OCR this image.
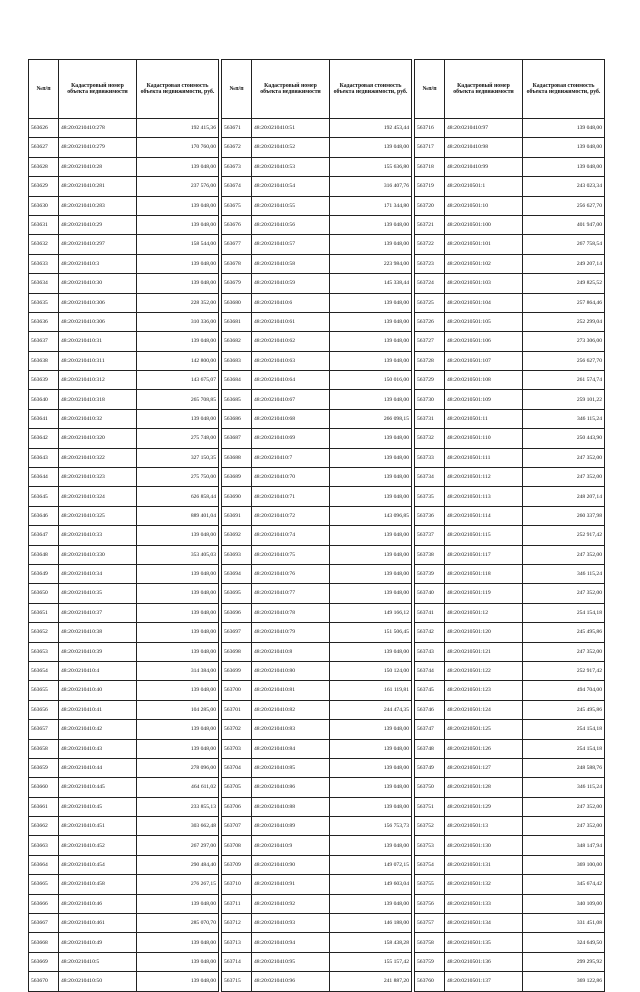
№п/п	Кадастровый номер объекта недвижимости	Кадастровая стоимость объекта недвижимости, руб.
563626	48:20:0210410:278	192 415,36
563627	48:20:0210410:279	170 760,00
563628	48:20:0210410:28	139 048,00
563629	48:20:0210410:281	237 576,00
563630	48:20:0210410:283	139 048,00
563631	48:20:0210410:29	139 048,00
563632	48:20:0210410:297	158 544,00
563633	48:20:0210410:3	139 048,00
563634	48:20:0210410:30	139 048,00
563635	48:20:0210410:306	228 352,00
563636	48:20:0210410:306	310 336,00
563637	48:20:0210410:31	139 048,00
563638	48:20:0210410:311	142 800,00
563639	48:20:0210410:312	143 675,07
563640	48:20:0210410:318	265 708,85
563641	48:20:0210410:32	139 048,00
563642	48:20:0210410:320	275 748,00
563643	48:20:0210410:322	327 150,35
563644	48:20:0210410:323	275 750,00
563645	48:20:0210410:324	626 858,44
563646	48:20:0210410:325	889 401,04
563647	48:20:0210410:33	139 048,00
563648	48:20:0210410:330	353 405,03
563649	48:20:0210410:34	139 048,00
563650	48:20:0210410:35	139 048,00
563651	48:20:0210410:37	139 048,00
563652	48:20:0210410:38	139 048,00
563653	48:20:0210410:39	139 048,00
563654	48:20:0210410:4	314 384,00
563655	48:20:0210410:40	139 048,00
563656	48:20:0210410:41	104 285,00
563657	48:20:0210410:42	139 048,00
563658	48:20:0210410:43	139 048,00
563659	48:20:0210410:44	278 096,00
563660	48:20:0210410:445	464 611,02
563661	48:20:0210410:45	233 855,13
563662	48:20:0210410:451	303 662,48
563663	48:20:0210410:452	267 297,00
563664	48:20:0210410:454	290 484,40
563665	48:20:0210410:458	276 267,15
563666	48:20:0210410:46	139 048,00
563667	48:20:0210410:461	285 070,70
563668	48:20:0210410:49	139 048,00
563669	48:20:0210410:5	139 048,00
563670	48:20:0210410:50	139 048,00
№п/п	Кадастровый номер объекта недвижимости	Кадастровая стоимость объекта недвижимости, руб.
563671	48:20:0210410:51	192 453,44
563672	48:20:0210410:52	139 048,00
563673	48:20:0210410:53	155 636,80
563674	48:20:0210410:54	316 407,76
563675	48:20:0210410:55	171 344,80
563676	48:20:0210410:56	139 048,00
563677	48:20:0210410:57	139 048,00
563678	48:20:0210410:58	223 984,00
563679	48:20:0210410:59	145 338,44
563680	48:20:0210410:6	139 048,00
563681	48:20:0210410:61	139 048,00
563682	48:20:0210410:62	139 048,00
563683	48:20:0210410:63	139 048,00
563684	48:20:0210410:64	150 016,00
563685	48:20:0210410:67	139 048,00
563686	48:20:0210410:68	266 098,15
563687	48:20:0210410:69	139 048,00
563688	48:20:0210410:7	139 048,00
563689	48:20:0210410:70	139 048,00
563690	48:20:0210410:71	139 048,00
563691	48:20:0210410:72	143 096,85
563692	48:20:0210410:74	139 048,00
563693	48:20:0210410:75	139 048,00
563694	48:20:0210410:76	139 048,00
563695	48:20:0210410:77	139 048,00
563696	48:20:0210410:78	149 166,12
563697	48:20:0210410:79	151 506,45
563698	48:20:0210410:8	139 048,00
563699	48:20:0210410:80	150 124,00
563700	48:20:0210410:81	161 119,81
563701	48:20:0210410:82	244 474,35
563702	48:20:0210410:83	139 048,00
563703	48:20:0210410:84	139 048,00
563704	48:20:0210410:85	139 048,00
563705	48:20:0210410:86	139 048,00
563706	48:20:0210410:88	139 048,00
563707	48:20:0210410:89	156 753,73
563708	48:20:0210410:9	139 048,00
563709	48:20:0210410:90	149 072,15
563710	48:20:0210410:91	149 603,04
563711	48:20:0210410:92	139 048,00
563712	48:20:0210410:93	146 188,00
563713	48:20:0210410:94	158 438,28
563714	48:20:0210410:95	155 157,42
563715	48:20:0210410:96	241 887,20
№п/п	Кадастровый номер объекта недвижимости	Кадастровая стоимость объекта недвижимости, руб.
563716	48:20:0210410:97	139 048,00
563717	48:20:0210410:98	139 048,00
563718	48:20:0210410:99	139 048,00
563719	48:20:0210501:1	243 023,34
563720	48:20:0210501:10	256 627,70
563721	48:20:0210501:100	401 947,00
563722	48:20:0210501:101	267 758,54
563723	48:20:0210501:102	249 207,14
563724	48:20:0210501:103	249 825,52
563725	48:20:0210501:104	257 864,46
563726	48:20:0210501:105	252 299,04
563727	48:20:0210501:106	273 306,00
563728	48:20:0210501:107	256 627,70
563729	48:20:0210501:108	261 574,74
563730	48:20:0210501:109	259 101,22
563731	48:20:0210501:11	346 115,24
563732	48:20:0210501:110	250 443,90
563733	48:20:0210501:111	247 352,00
563734	48:20:0210501:112	247 352,00
563735	48:20:0210501:113	248 207,14
563736	48:20:0210501:114	260 337,98
563737	48:20:0210501:115	252 917,42
563738	48:20:0210501:117	247 352,00
563739	48:20:0210501:118	346 115,24
563740	48:20:0210501:119	247 352,00
563741	48:20:0210501:12	254 154,18
563742	48:20:0210501:120	245 495,86
563743	48:20:0210501:121	247 352,00
563744	48:20:0210501:122	252 917,42
563745	48:20:0210501:123	494 704,00
563746	48:20:0210501:124	245 495,86
563747	48:20:0210501:125	254 154,18
563748	48:20:0210501:126	254 154,18
563749	48:20:0210501:127	248 588,76
563750	48:20:0210501:128	346 115,24
563751	48:20:0210501:129	247 352,00
563752	48:20:0210501:13	247 352,00
563753	48:20:0210501:130	348 147,94
563754	48:20:0210501:131	369 100,00
563755	48:20:0210501:132	345 674,42
563756	48:20:0210501:133	340 109,00
563757	48:20:0210501:134	331 451,08
563758	48:20:0210501:135	324 649,50
563759	48:20:0210501:136	299 295,92
563760	48:20:0210501:137	369 122,86
